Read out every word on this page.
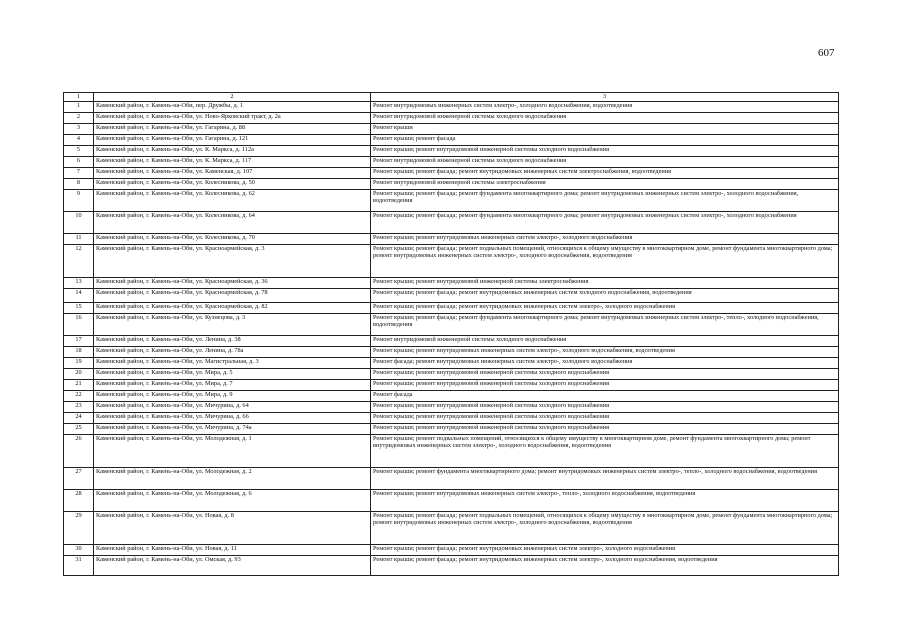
607
1	2	3
1	Каменский район, г. Камень-на-Оби, пер. Дружбы, д. 1	Ремонт внутридомовых инженерных систем электро-, холодного водоснабжения, водоотведения
2	Каменский район, г. Камень-на-Оби, ул. Ново-Ярковский тракт, д. 2а	Ремонт внутридомовой инженерной системы холодного водоснабжения
3	Каменский район, г. Камень-на-Оби, ул. Гагарина, д. 88	Ремонт крыши
4	Каменский район, г. Камень-на-Оби, ул. Гагарина, д. 121	Ремонт крыши; ремонт фасада
5	Каменский район, г. Камень-на-Оби, ул. К. Маркса, д. 112а	Ремонт крыши; ремонт внутридомовой инженерной системы холодного водоснабжения
6	Каменский район, г. Камень-на-Оби, ул. К. Маркса, д. 117	Ремонт внутридомовой инженерной системы холодного водоснабжения
7	Каменский район, г. Камень-на-Оби, ул. Каменская, д. 107	Ремонт крыши; ремонт фасада; ремонт внутридомовых инженерных систем электроснабжения, водоотведения
8	Каменский район, г. Камень-на-Оби, ул. Колесникова, д. 50	Ремонт внутридомовой инженерной системы электроснабжения
9	Каменский район, г. Камень-на-Оби, ул. Колесникова, д. 62	Ремонт крыши; ремонт фасада; ремонт фундамента многоквартирного дома; ремонт внутридомовых инженерных систем электро-, холодного водоснабжения, водоотведения
10	Каменский район, г. Камень-на-Оби, ул. Колесникова, д. 64	Ремонт крыши; ремонт фасада; ремонт фундамента многоквартирного дома; ремонт внутридомовых инженерных систем электро-, холодного водоснабжения
11	Каменский район, г. Камень-на-Оби, ул. Колесникова, д. 70	Ремонт крыши; ремонт внутридомовых инженерных систем электро-, холодного водоснабжения
12	Каменский район, г. Камень-на-Оби, ул. Красноармейская, д. 3	Ремонт крыши; ремонт фасада; ремонт подвальных помещений, относящихся к общему имуществу в многоквартирном доме, ремонт фундамента многоквартирного дома; ремонт внутридомовых инженерных систем электро-, холодного водоснабжения, водоотведения
13	Каменский район, г. Камень-на-Оби, ул. Красноармейская, д. 36	Ремонт крыши; ремонт внутридомовой инженерной системы электроснабжения
14	Каменский район, г. Камень-на-Оби, ул. Красноармейская, д. 78	Ремонт крыши; ремонт фасада; ремонт внутридомовых инженерных систем холодного водоснабжения, водоотведения
15	Каменский район, г. Камень-на-Оби, ул. Красноармейская, д. 82	Ремонт крыши; ремонт фасада; ремонт внутридомовых инженерных систем электро-, холодного водоснабжения
16	Каменский район, г. Камень-на-Оби, ул. Кузнецова, д. 3	Ремонт крыши; ремонт фасада; ремонт фундамента многоквартирного дома; ремонт внутридомовых инженерных систем электро-, тепло-, холодного водоснабжения, водоотведения
17	Каменский район, г. Камень-на-Оби, ул. Ленина, д. 38	Ремонт внутридомовой инженерной системы холодного водоснабжения
18	Каменский район, г. Камень-на-Оби, ул. Ленина, д. 78а	Ремонт крыши; ремонт внутридомовых инженерных систем электро-, холодного водоснабжения, водоотведения
19	Каменский район, г. Камень-на-Оби, ул. Магистральная, д. 3	Ремонт фасада; ремонт внутридомовых инженерных систем электро-, холодного водоснабжения
20	Каменский район, г. Камень-на-Оби, ул. Мира, д. 5	Ремонт крыши; ремонт внутридомовой инженерной системы холодного водоснабжения
21	Каменский район, г. Камень-на-Оби, ул. Мира, д. 7	Ремонт крыши; ремонт внутридомовой инженерной системы холодного водоснабжения
22	Каменский район, г. Камень-на-Оби, ул. Мира, д. 9	Ремонт фасада
23	Каменский район, г. Камень-на-Оби, ул. Мичурина, д. 64	Ремонт крыши; ремонт внутридомовой инженерной системы холодного водоснабжения
24	Каменский район, г. Камень-на-Оби, ул. Мичурина, д. 66	Ремонт крыши; ремонт внутридомовой инженерной системы холодного водоснабжения
25	Каменский район, г. Камень-на-Оби, ул. Мичурина, д. 74а	Ремонт крыши; ремонт внутридомовой инженерной системы холодного водоснабжения
26	Каменский район, г. Камень-на-Оби, ул. Молодежная, д. 1	Ремонт крыши; ремонт подвальных помещений, относящихся к общему имуществу в многоквартирном доме, ремонт фундамента многоквартирного дома; ремонт внутридомовых инженерных систем электро-, холодного водоснабжения, водоотведения
27	Каменский район, г. Камень-на-Оби, ул. Молодежная, д. 2	Ремонт крыши; ремонт фундамента многоквартирного дома; ремонт внутридомовых инженерных систем электро-, тепло-, холодного водоснабжения, водоотведения
28	Каменский район, г. Камень-на-Оби, ул. Молодежная, д. 6	Ремонт крыши; ремонт внутридомовых инженерных систем электро-, тепло-, холодного водоснабжения, водоотведения
29	Каменский район, г. Камень-на-Оби, ул. Новая, д. 8	Ремонт крыши; ремонт фасада; ремонт подвальных помещений, относящихся к общему имуществу в многоквартирном доме, ремонт фундамента многоквартирного дома; ремонт внутридомовых инженерных систем электро-, холодного водоснабжения, водоотведения
30	Каменский район, г. Камень-на-Оби, ул. Новая, д. 11	Ремонт крыши; ремонт фасада; ремонт внутридомовых инженерных систем электро-, холодного водоснабжения
31	Каменский район, г. Камень-на-Оби, ул. Омская, д. 93	Ремонт крыши; ремонт фасада; ремонт внутридомовых инженерных систем электро-, холодного водоснабжения, водоотведения
